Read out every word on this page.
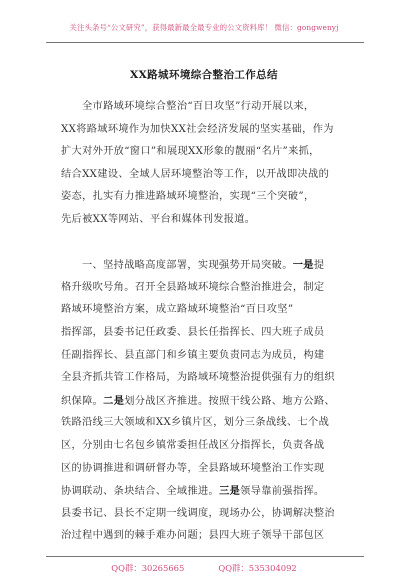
关注头条号“公文研究”，获得最新最全最专业的公文资料库！ 微信：gongwenyj
XX路城环境综合整治工作总结
全市路域环境综合整治“百日攻坚”行动开展以来，
XX将路域环境作为加快XX社会经济发展的坚实基础，作为
扩大对外开放“窗口”和展现XX形象的靓丽“名片”来抓，
结合XX建设、全域人居环境整治等工作，以开战即决战的
姿态，扎实有力推进路域环境整治，实现“三个突破”，
先后被XX等网站、平台和媒体刊发报道。
一、坚持战略高度部署，实现强势开局突破。一是提
格升级吹号角。召开全县路域环境综合整治推进会，制定
路域环境整治方案，成立路域环境整治“百日攻坚”
指挥部，县委书记任政委、县长任指挥长、四大班子成员
任副指挥长、县直部门和乡镇主要负责同志为成员，构建
全县齐抓共管工作格局，为路域环境整治提供强有力的组织
织保障。二是划分战区齐推进。按照干线公路、地方公路、
铁路沿线三大领域和XX乡镇片区，划分三条战线、七个战
区，分别由七名包乡镇常委担任战区分指挥长，负责各战
区的协调推进和调研督办等，全县路域环境整治工作实现
协调联动、条块结合、全域推进。三是领导靠前强指挥。
县委书记、县长不定期一线调度，现场办公，协调解决整治
治过程中遇到的棘手难办问题；县四大班子领导干部包区
QQ群：30265665	QQ群：535304092
